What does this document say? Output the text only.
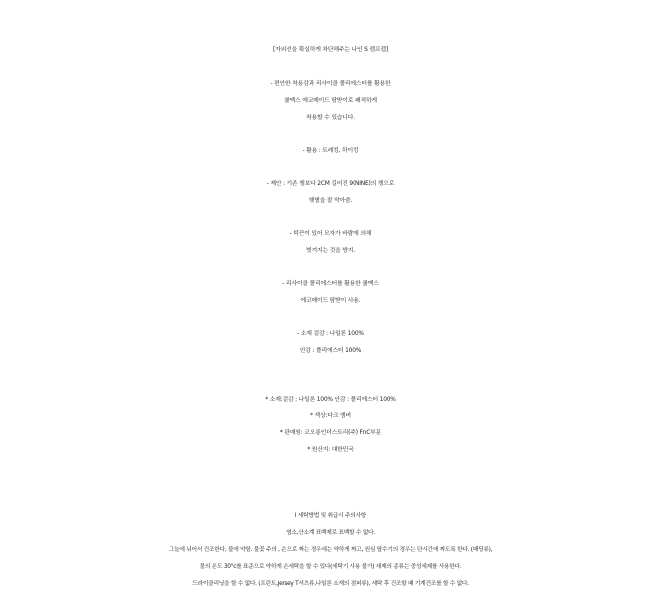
[자외선을 확실하게 차단해주는 나인 S 캠프캡]
- 편안한 착용감과 리사이클 폴리에스터를 활용한
쿨맥스 에코메이드 땀받이로 쾌적하게
착용할 수 있습니다.
- 활용 : 트레킹, 하이킹
- 제안 : 기존 챙보다 2CM 길어진 9(NINE)의 챙으로
햇볕을 잘 막아줌.
- 턱끈이 있어 모자가 바람에 의해
벗겨지는 것을 방지.
- 리사이클 폴리에스터를 활용한 쿨맥스
에코메이드 땀받이 사용.
- 소재 겉감 : 나일론 100%
안감 : 폴리에스터 100%
* 소재:겉감 : 나일론 100% 안감 : 폴리에스터 100%
* 색상:다크 엠버
* 판매원: 코오롱인더스트리(주) FnC부문
* 원산지: 대한민국
I 세탁방법 및 취급시 주의사항
염소,산소계 표백제로 표백할 수 없다.
그늘에 뉘어서 건조한다, 불에 약함. 불꽃 주의 , 손으로 짜는 경우에는 약하게 짜고, 원심 탈수기의 경우는 단시간에 짜도록 한다. (패딩류),
물의 온도 30°c를 표준으로 약하게 손세탁을 할 수 있다(세탁기 사용 불가) 세제의 종류는 중성세제를 사용한다.
드라이클리닝을 할 수 없다. (프린트,Jersey T셔츠류,나일론 소재의 점퍼류), 세탁 후 건조할 때 기계건조를 할 수 없다.
